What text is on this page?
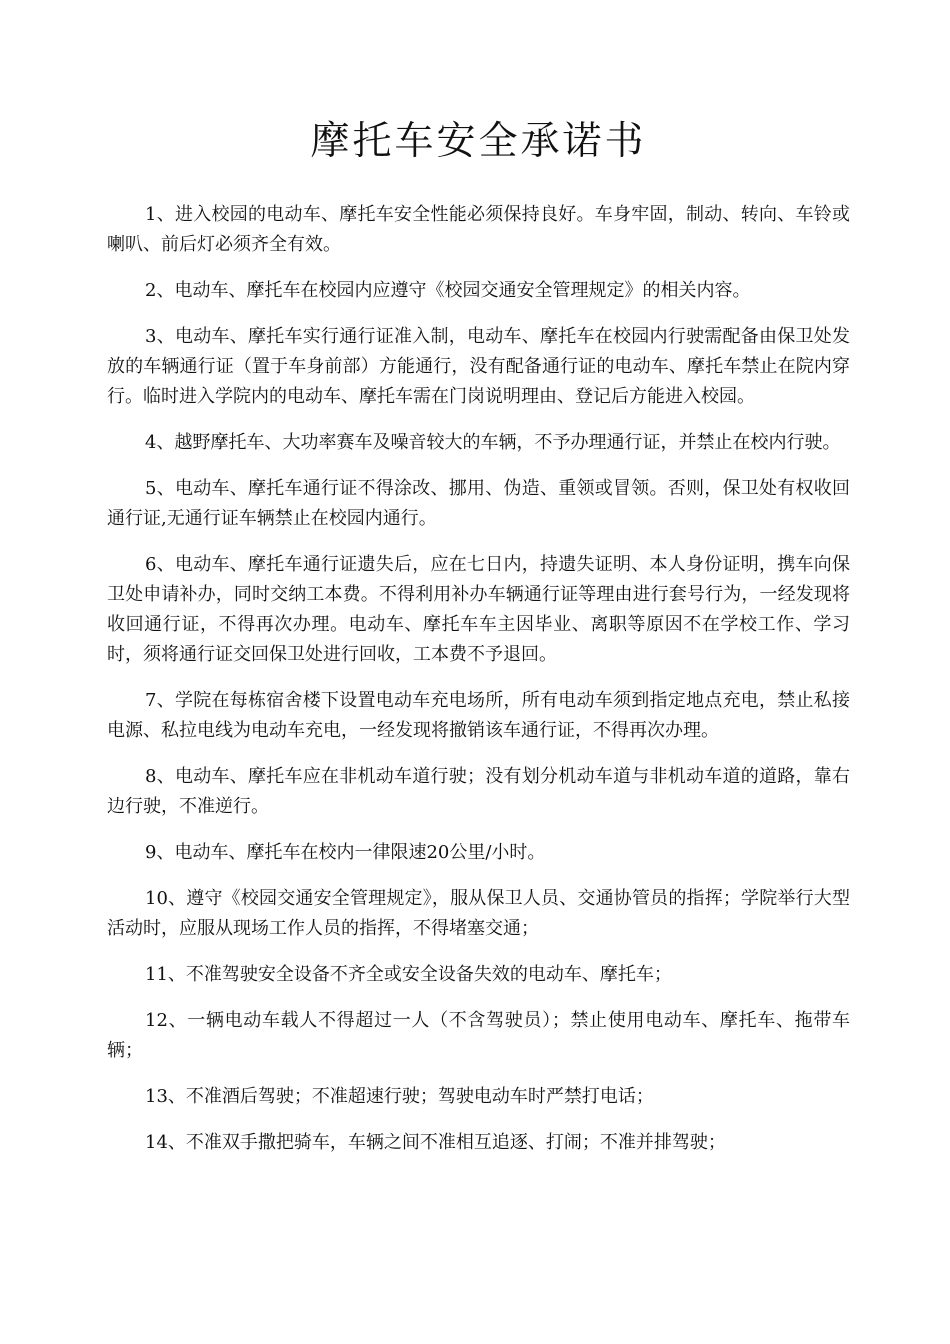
摩托车安全承诺书

1、进入校园的电动车、摩托车安全性能必须保持良好。车身牢固，制动、转向、车铃或喇叭、前后灯必须齐全有效。

2、电动车、摩托车在校园内应遵守《校园交通安全管理规定》的相关内容。

3、电动车、摩托车实行通行证准入制，电动车、摩托车在校园内行驶需配备由保卫处发放的车辆通行证（置于车身前部）方能通行，没有配备通行证的电动车、摩托车禁止在院内穿行。临时进入学院内的电动车、摩托车需在门岗说明理由、登记后方能进入校园。

4、越野摩托车、大功率赛车及噪音较大的车辆，不予办理通行证，并禁止在校内行驶。

5、电动车、摩托车通行证不得涂改、挪用、伪造、重领或冒领。否则，保卫处有权收回通行证,无通行证车辆禁止在校园内通行。

6、电动车、摩托车通行证遗失后，应在七日内，持遗失证明、本人身份证明，携车向保卫处申请补办，同时交纳工本费。不得利用补办车辆通行证等理由进行套号行为，一经发现将收回通行证，不得再次办理。电动车、摩托车车主因毕业、离职等原因不在学校工作、学习时，须将通行证交回保卫处进行回收，工本费不予退回。

7、学院在每栋宿舍楼下设置电动车充电场所，所有电动车须到指定地点充电，禁止私接电源、私拉电线为电动车充电，一经发现将撤销该车通行证，不得再次办理。

8、电动车、摩托车应在非机动车道行驶；没有划分机动车道与非机动车道的道路，靠右边行驶，不准逆行。

9、电动车、摩托车在校内一律限速20公里/小时。

10、遵守《校园交通安全管理规定》，服从保卫人员、交通协管员的指挥；学院举行大型活动时，应服从现场工作人员的指挥，不得堵塞交通；

11、不准驾驶安全设备不齐全或安全设备失效的电动车、摩托车；

12、一辆电动车载人不得超过一人（不含驾驶员）；禁止使用电动车、摩托车、拖带车辆；

13、不准酒后驾驶；不准超速行驶；驾驶电动车时严禁打电话；

14、不准双手撒把骑车，车辆之间不准相互追逐、打闹；不准并排驾驶；
